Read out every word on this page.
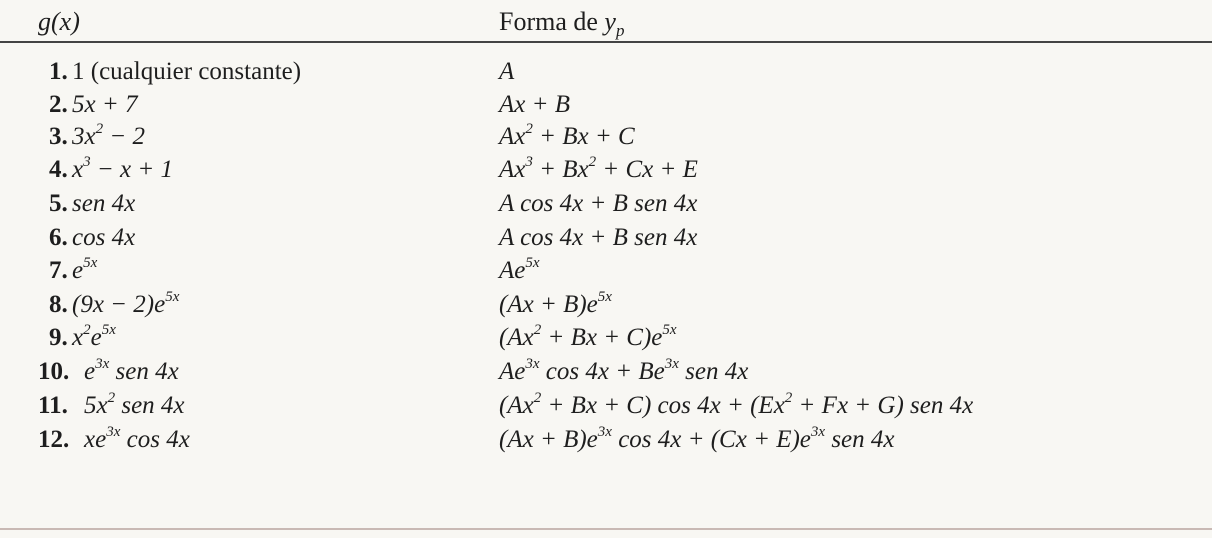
g(x)	Forma de $y_p$
1. 1 (cualquier constante)	A
2. 5x + 7	Ax + B
3. $3x^2 - 2$	$Ax^2 + Bx + C$
4. $x^3 - x + 1$	$Ax^3 + Bx^2 + Cx + E$
5. sen 4x	A cos 4x + B sen 4x
6. cos 4x	A cos 4x + B sen 4x
7. $e^{5x}$	$Ae^{5x}$
8. $(9x - 2)e^{5x}$	$(Ax + B)e^{5x}$
9. $x^2e^{5x}$	$(Ax^2 + Bx + C)e^{5x}$
10. $e^{3x}$ sen 4x	$Ae^{3x}$ $\cos 4x + Be^{3x}$ sen 4x
11. $5x^2$ sen 4x	$(Ax^2 + Bx + C)$ $\cos 4x + (Ex^2 + Fx + G)$ sen 4x
12. $xe^{3x}$ cos 4x	$(Ax + B)e^{3x}$ $\cos 4x + (Cx + E)e^{3x}$ sen 4x
